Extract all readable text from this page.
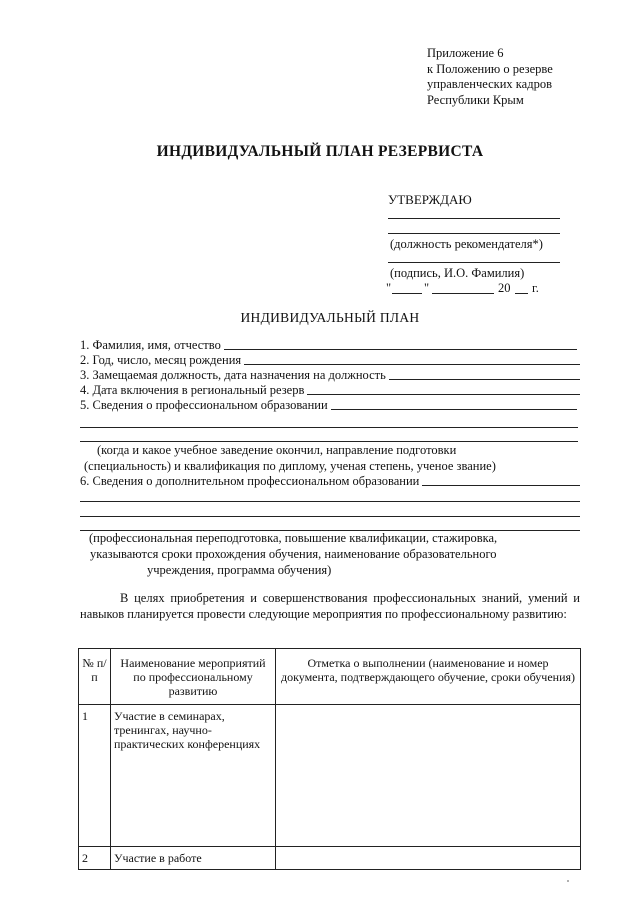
Приложение 6
к Положению о резерве
управленческих кадров
Республики Крым
ИНДИВИДУАЛЬНЫЙ ПЛАН РЕЗЕРВИСТА
УТВЕРЖДАЮ
(должность рекомендателя*)
(подпись, И.О. Фамилия)
"	"	20 г.
ИНДИВИДУАЛЬНЫЙ ПЛАН
1. Фамилия, имя, отчество
2. Год, число, месяц рождения
3. Замещаемая должность, дата назначения на должность
4. Дата включения в региональный резерв
5. Сведения о профессиональном образовании
(когда и какое учебное заведение окончил, направление подготовки
(специальность) и квалификация по диплому, ученая степень, ученое звание)
6. Сведения о дополнительном профессиональном образовании
(профессиональная переподготовка, повышение квалификации, стажировка,
указываются сроки прохождения обучения, наименование образовательного
учреждения, программа обучения)
В целях приобретения и совершенствования профессиональных знаний, умений и навыков планируется провести следующие мероприятия по профессиональному развитию:
№ п/п	Наименование мероприятий по профессиональному развитию	Отметка о выполнении (наименование и номер документа, подтверждающего обучение, сроки обучения)
1	Участие в семинарах, тренингах, научно-практических конференциях	
2	Участие в работе	
